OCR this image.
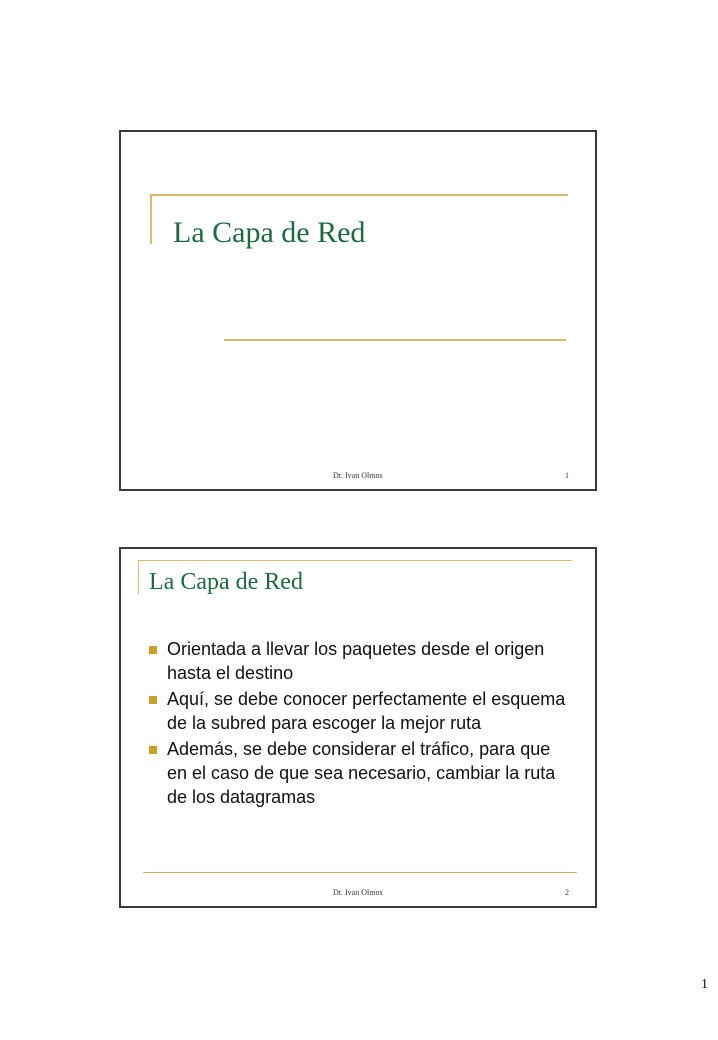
La Capa de Red
Dr. Ivan Olmos	1
La Capa de Red
Orientada a llevar los paquetes desde el origen hasta el destino
Aquí, se debe conocer perfectamente el esquema de la subred para escoger la mejor ruta
Además, se debe considerar el tráfico, para que en el caso de que sea necesario, cambiar la ruta de los datagramas
Dr. Ivan Olmos	2
1
